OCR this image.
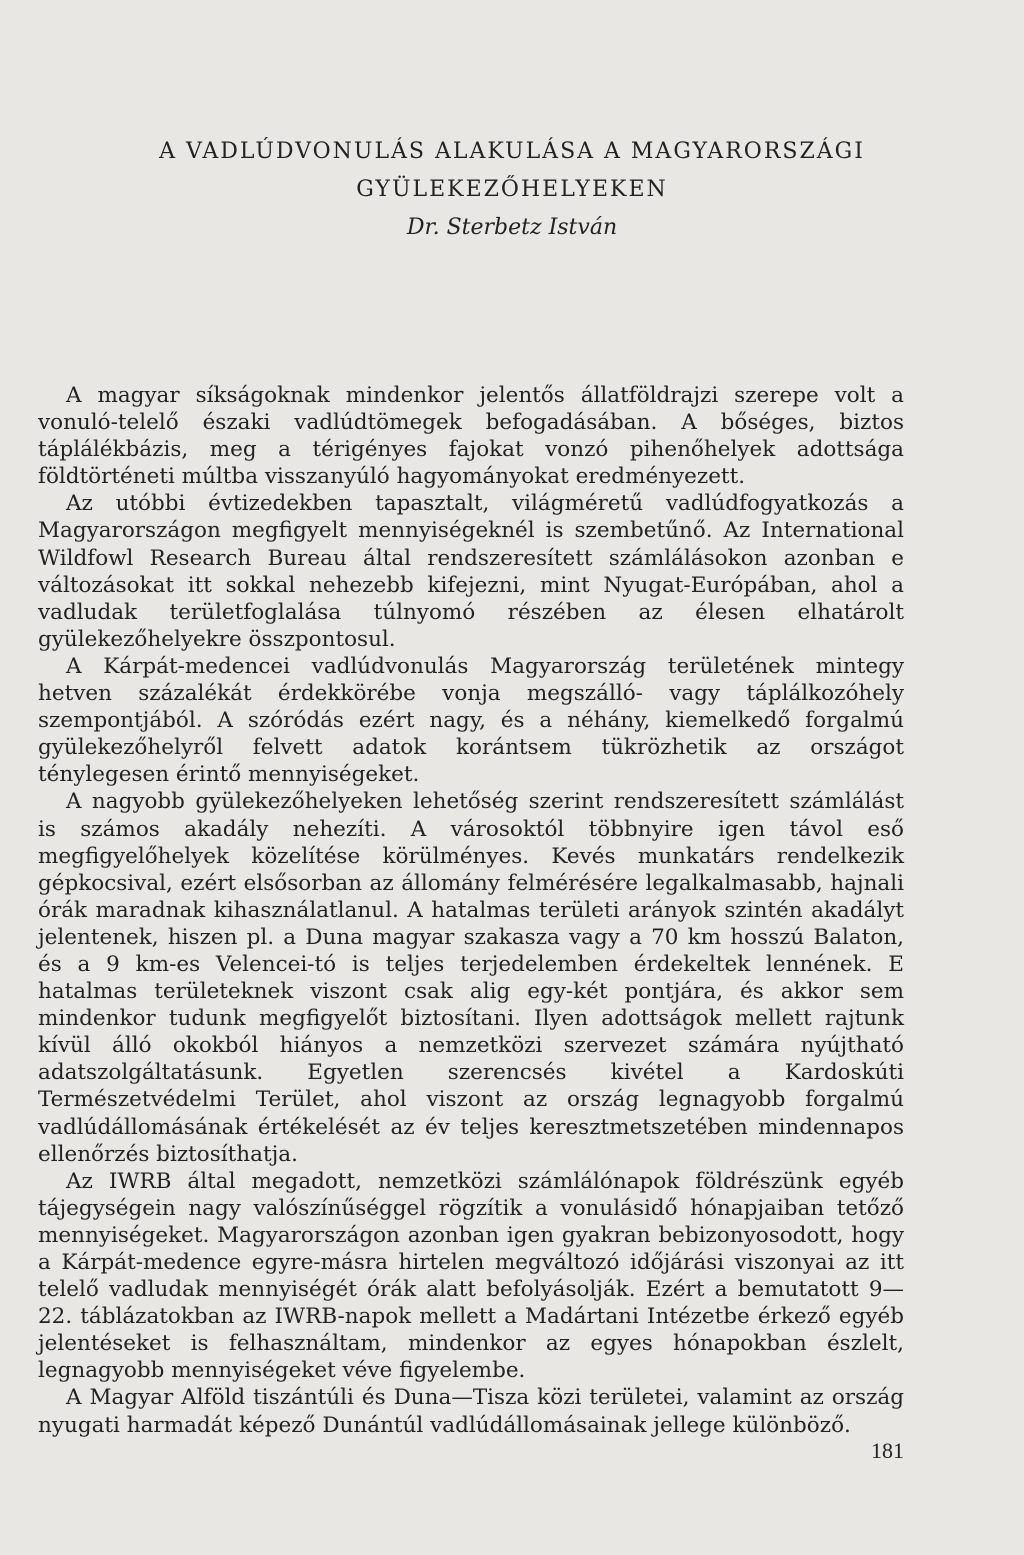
A VADLÚDVONULÁS ALAKULÁSA A MAGYARORSZÁGI
GYÜLEKEZŐHELYEKEN
Dr. Sterbetz István

A magyar síkságoknak mindenkor jelentős állatföldrajzi szerepe volt a vonuló-telelő északi vadlúdtömegek befogadásában. A bőséges, biztos táplálékbázis, meg a térigényes fajokat vonzó pihenőhelyek adottsága földtörténeti múltba visszanyúló hagyományokat eredményezett.

Az utóbbi évtizedekben tapasztalt, világméretű vadlúdfogyatkozás a Magyarországon megfigyelt mennyiségeknél is szembetűnő. Az International Wildfowl Research Bureau által rendszeresített számlálásokon azonban e változásokat itt sokkal nehezebb kifejezni, mint Nyugat-Európában, ahol a vadludak területfoglalása túlnyomó részében az élesen elhatárolt gyülekezőhelyekre összpontosul.

A Kárpát-medencei vadlúdvonulás Magyarország területének mintegy hetven százalékát érdekkörébe vonja megszálló- vagy táplálkozóhely szempontjából. A szóródás ezért nagy, és a néhány, kiemelkedő forgalmú gyülekezőhelyről felvett adatok korántsem tükrözhetik az országot ténylegesen érintő mennyiségeket.

A nagyobb gyülekezőhelyeken lehetőség szerint rendszeresített számlálást is számos akadály nehezíti. A városoktól többnyire igen távol eső megfigyelőhelyek közelítése körülményes. Kevés munkatárs rendelkezik gépkocsival, ezért elsősorban az állomány felmérésére legalkalmasabb, hajnali órák maradnak kihasználatlanul. A hatalmas területi arányok szintén akadályt jelentenek, hiszen pl. a Duna magyar szakasza vagy a 70 km hosszú Balaton, és a 9 km-es Velencei-tó is teljes terjedelemben érdekeltek lennének. E hatalmas területeknek viszont csak alig egy-két pontjára, és akkor sem mindenkor tudunk megfigyelőt biztosítani. Ilyen adottságok mellett rajtunk kívül álló okokból hiányos a nemzetközi szervezet számára nyújtható adatszolgáltatásunk. Egyetlen szerencsés kivétel a Kardoskúti Természetvédelmi Terület, ahol viszont az ország legnagyobb forgalmú vadlúdállomásának értékelését az év teljes keresztmetszetében mindennapos ellenőrzés biztosíthatja.

Az IWRB által megadott, nemzetközi számlálónapok földrészünk egyéb tájegységein nagy valószínűséggel rögzítik a vonulásidő hónapjaiban tetőző mennyiségeket. Magyarországon azonban igen gyakran bebizonyosodott, hogy a Kárpát-medence egyre-másra hirtelen megváltozó időjárási viszonyai az itt telelő vadludak mennyiségét órák alatt befolyásolják. Ezért a bemutatott 9—22. táblázatokban az IWRB-napok mellett a Madártani Intézetbe érkező egyéb jelentéseket is felhasználtam, mindenkor az egyes hónapokban észlelt, legnagyobb mennyiségeket véve figyelembe.

A Magyar Alföld tiszántúli és Duna—Tisza közi területei, valamint az ország nyugati harmadát képező Dunántúl vadlúdállomásainak jellege különböző.

181
